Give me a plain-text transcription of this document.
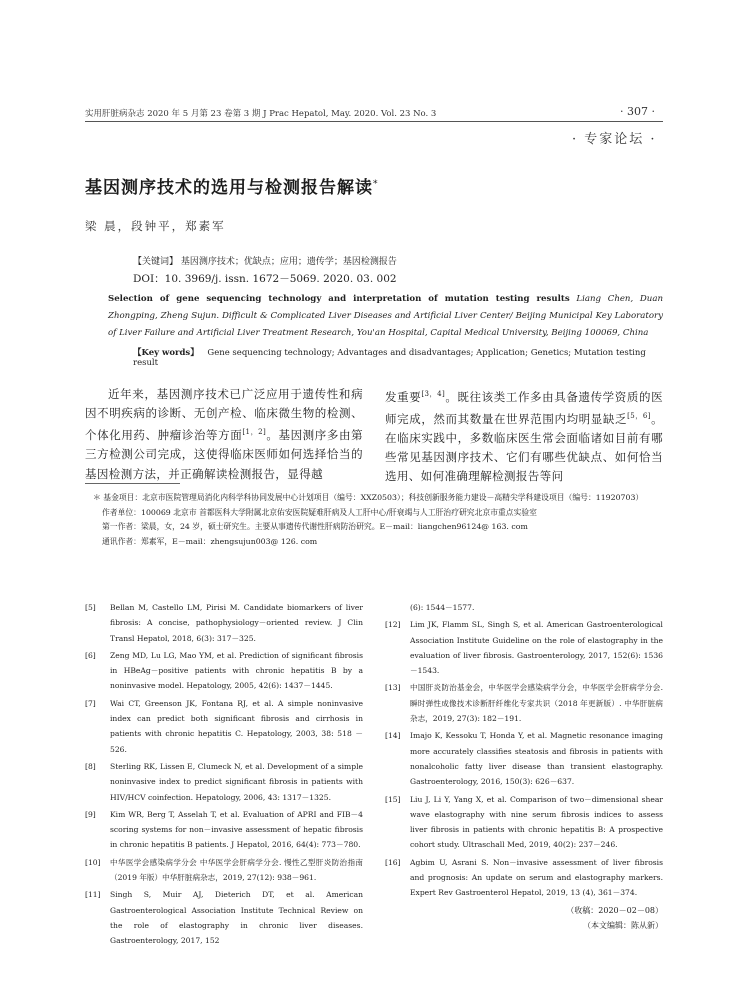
实用肝脏病杂志 2020 年 5 月第 23 卷第 3 期 J Prac Hepatol, May. 2020. Vol. 23 No. 3	· 307 ·
· 专家论坛 ·
基因测序技术的选用与检测报告解读*
梁 晨，段钟平，郑素军
【关键词】 基因测序技术；优缺点；应用；遗传学；基因检测报告
DOI：10. 3969/j. issn. 1672－5069. 2020. 03. 002
Selection of gene sequencing technology and interpretation of mutation testing results Liang Chen, Duan Zhongping, Zheng Sujun. Difficult & Complicated Liver Diseases and Artificial Liver Center/ Beijing Municipal Key Laboratory of Liver Failure and Artificial Liver Treatment Research, You'an Hospital, Capital Medical University, Beijing 100069, China
【Key words】 Gene sequencing technology; Advantages and disadvantages; Application; Genetics; Mutation testing result
近年来，基因测序技术已广泛应用于遗传性和病因不明疾病的诊断、无创产检、临床微生物的检测、个体化用药、肿瘤诊治等方面[1，2]。基因测序多由第三方检测公司完成，这使得临床医师如何选择恰当的基因检测方法，并正确解读检测报告，显得越
发重要[3，4]。既往该类工作多由具备遗传学资质的医师完成，然而其数量在世界范围内均明显缺乏[5，6]。在临床实践中，多数临床医生常会面临诸如目前有哪些常见基因测序技术、它们有哪些优缺点、如何恰当选用、如何准确理解检测报告等问
＊ 基金项目：北京市医院管理局消化内科学科协同发展中心计划项目（编号：XXZ0503）；科技创新服务能力建设－高精尖学科建设项目（编号：11920703）
作者单位：100069 北京市 首都医科大学附属北京佑安医院疑难肝病及人工肝中心/肝衰竭与人工肝治疗研究北京市重点实验室
第一作者：梁晨，女，24 岁，硕士研究生。主要从事遗传代谢性肝病防治研究。E－mail：liangchen96124@ 163. com
通讯作者：郑素军，E－mail：zhengsujun003@ 126. com
[5] Bellan M, Castello LM, Pirisi M. Candidate biomarkers of liver fibrosis: A concise, pathophysiology－oriented review. J Clin Transl Hepatol, 2018, 6(3): 317－325.
[6] Zeng MD, Lu LG, Mao YM, et al. Prediction of significant fibrosis in HBeAg－positive patients with chronic hepatitis B by a noninvasive model. Hepatology, 2005, 42(6): 1437－1445.
[7] Wai CT, Greenson JK, Fontana RJ, et al. A simple noninvasive index can predict both significant fibrosis and cirrhosis in patients with chronic hepatitis C. Hepatology, 2003, 38: 518 － 526.
[8] Sterling RK, Lissen E, Clumeck N, et al. Development of a simple noninvasive index to predict significant fibrosis in patients with HIV/HCV coinfection. Hepatology, 2006, 43: 1317－1325.
[9] Kim WR, Berg T, Asselah T, et al. Evaluation of APRI and FIB－4 scoring systems for non－invasive assessment of hepatic fibrosis in chronic hepatitis B patients. J Hepatol, 2016, 64(4): 773－780.
[10] 中华医学会感染病学分会 中华医学会肝病学分会. 慢性乙型肝炎防治指南（2019 年版）中华肝脏病杂志，2019, 27(12): 938－961.
[11] Singh S, Muir AJ, Dieterich DT, et al. American Gastroenterological Association Institute Technical Review on the role of elastography in chronic liver diseases. Gastroenterology, 2017, 152
(6): 1544－1577.
[12] Lim JK, Flamm SL, Singh S, et al. American Gastroenterological Association Institute Guideline on the role of elastography in the evaluation of liver fibrosis. Gastroenterology, 2017, 152(6): 1536－1543.
[13] 中国肝炎防治基金会，中华医学会感染病学分会，中华医学会肝病学分会. 瞬时弹性成像技术诊断肝纤维化专家共识（2018 年更新版）. 中华肝脏病杂志，2019, 27(3): 182－191.
[14] Imajo K, Kessoku T, Honda Y, et al. Magnetic resonance imaging more accurately classifies steatosis and fibrosis in patients with nonalcoholic fatty liver disease than transient elastography. Gastroenterology, 2016, 150(3): 626－637.
[15] Liu J, Li Y, Yang X, et al. Comparison of two－dimensional shear wave elastography with nine serum fibrosis indices to assess liver fibrosis in patients with chronic hepatitis B: A prospective cohort study. Ultraschall Med, 2019, 40(2): 237－246.
[16] Agbim U, Asrani S. Non－invasive assessment of liver fibrosis and prognosis: An update on serum and elastography markers. Expert Rev Gastroenterol Hepatol, 2019, 13 (4), 361－374.
（收稿：2020－02－08）
（本文编辑：陈从新）
